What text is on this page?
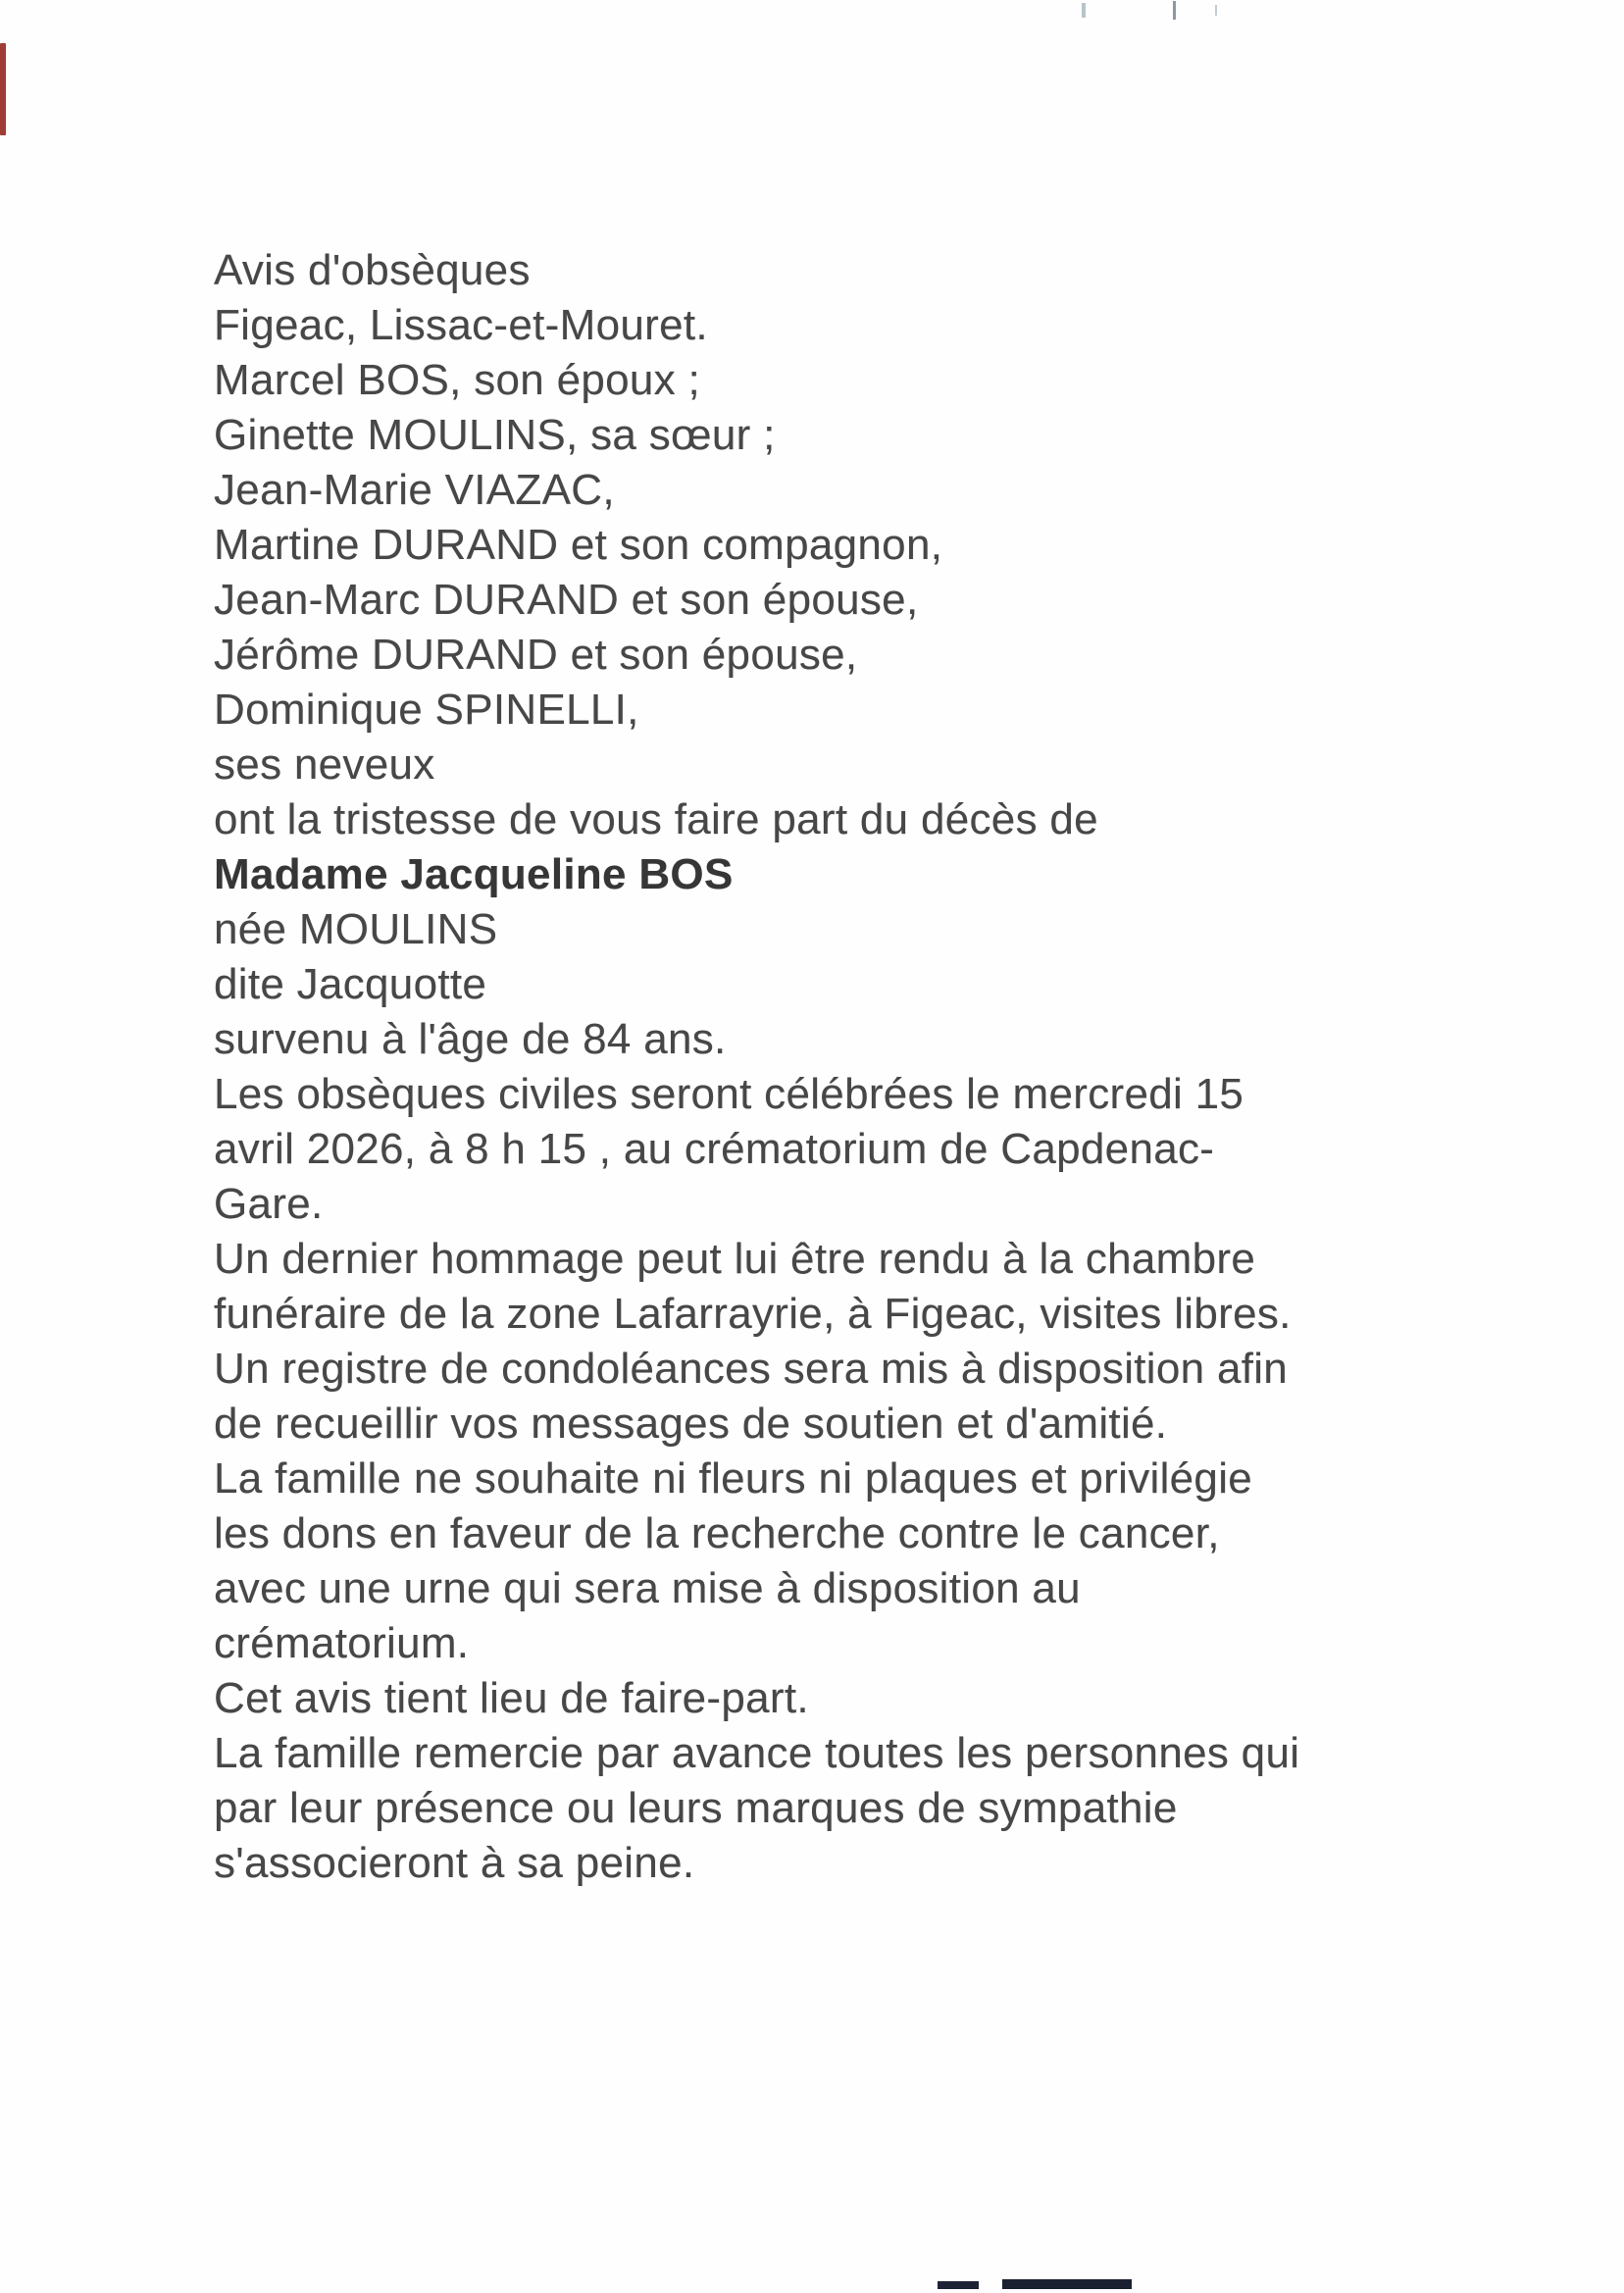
Avis d'obsèques
Figeac, Lissac-et-Mouret.
Marcel BOS, son époux ;
Ginette MOULINS, sa sœur ;
Jean-Marie VIAZAC,
Martine DURAND et son compagnon,
Jean-Marc DURAND et son épouse,
Jérôme DURAND et son épouse,
Dominique SPINELLI,
ses neveux
ont la tristesse de vous faire part du décès de
Madame Jacqueline BOS
née MOULINS
dite Jacquotte
survenu à l'âge de 84 ans.
Les obsèques civiles seront célébrées le mercredi 15
avril 2026, à 8 h 15 , au crématorium de Capdenac-
Gare.
Un dernier hommage peut lui être rendu à la chambre
funéraire de la zone Lafarrayrie, à Figeac, visites libres.
Un registre de condoléances sera mis à disposition afin
de recueillir vos messages de soutien et d'amitié.
La famille ne souhaite ni fleurs ni plaques et privilégie
les dons en faveur de la recherche contre le cancer,
avec une urne qui sera mise à disposition au
crématorium.
Cet avis tient lieu de faire-part.
La famille remercie par avance toutes les personnes qui
par leur présence ou leurs marques de sympathie
s'associeront à sa peine.
